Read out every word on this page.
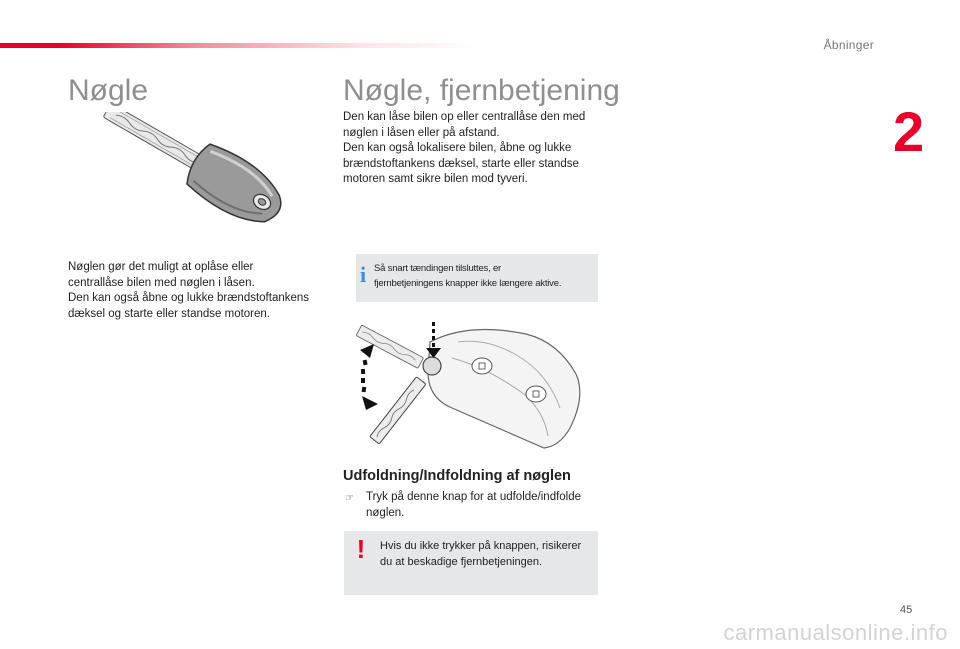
Åbninger
2
Nøgle
Nøglen gør det muligt at oplåse eller
centrallåse bilen med nøglen i låsen.
Den kan også åbne og lukke brændstoftankens
dæksel og starte eller standse motoren.
Nøgle, fjernbetjening
Den kan låse bilen op eller centrallåse den med
nøglen i låsen eller på afstand.
Den kan også lokalisere bilen, åbne og lukke
brændstoftankens dæksel, starte eller standse
motoren samt sikre bilen mod tyveri.
i Så snart tændingen tilsluttes, er
fjernbetjeningens knapper ikke længere aktive.
Udfoldning/Indfoldning af nøglen
☞ Tryk på denne knap for at udfolde/indfolde
nøglen.
! Hvis du ikke trykker på knappen, risikerer
du at beskadige fjernbetjeningen.
45
carmanualsonline.info
